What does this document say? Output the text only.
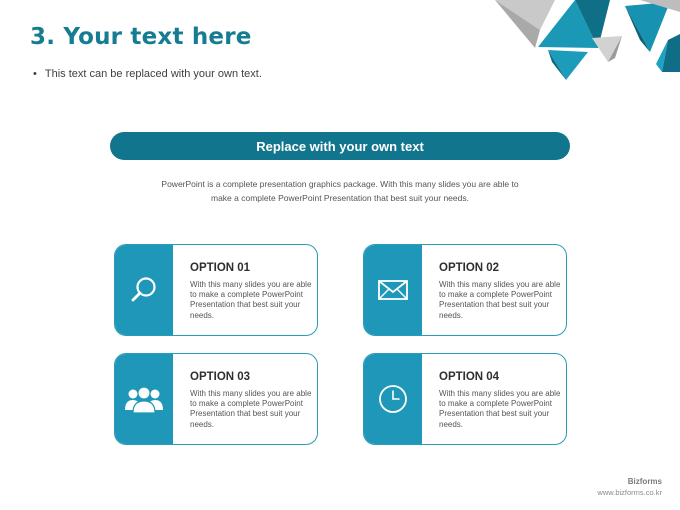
3. Your text here
• This text can be replaced with your own text.
Replace with your own text
PowerPoint is a complete presentation graphics package. With this many slides you are able to
make a complete PowerPoint Presentation that best suit your needs.
OPTION 01
With this many slides you are able to make a complete PowerPoint Presentation that best suit your needs.
OPTION 02
With this many slides you are able to make a complete PowerPoint Presentation that best suit your needs.
OPTION 03
With this many slides you are able to make a complete PowerPoint Presentation that best suit your needs.
OPTION 04
With this many slides you are able to make a complete PowerPoint Presentation that best suit your needs.
Bizforms
www.bizforms.co.kr
